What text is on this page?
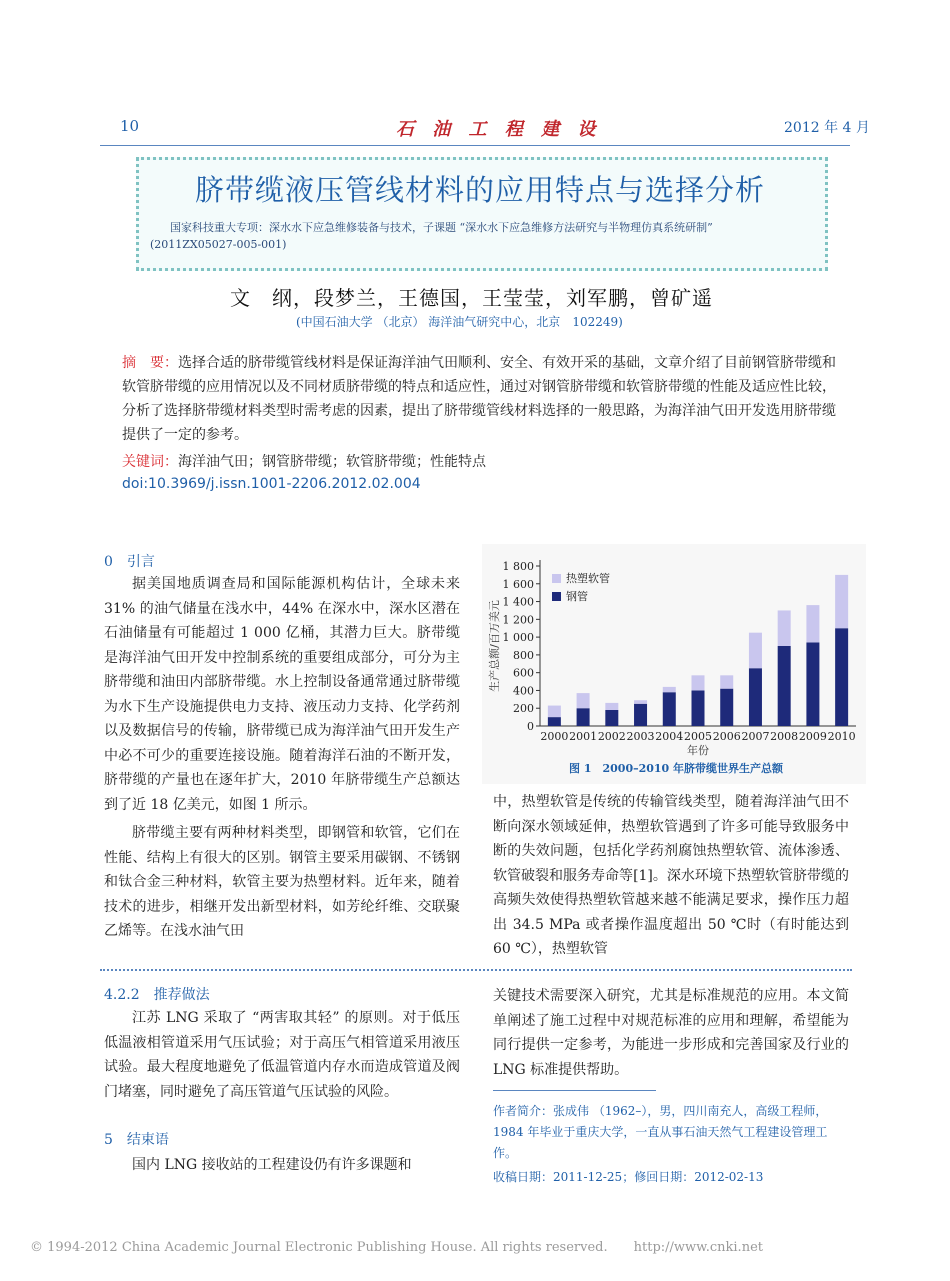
10	石 油 工 程 建 设	2012 年 4 月
脐带缆液压管线材料的应用特点与选择分析
国家科技重大专项：深水水下应急维修装备与技术，子课题 “深水水下应急维修方法研究与半物理仿真系统研制”
(2011ZX05027-005-001)
文　纲，段梦兰，王德国，王莹莹，刘军鹏，曾矿遥
(中国石油大学 （北京） 海洋油气研究中心，北京　102249)
摘　要：选择合适的脐带缆管线材料是保证海洋油气田顺利、安全、有效开采的基础，文章介绍了目前钢管脐带缆和软管脐带缆的应用情况以及不同材质脐带缆的特点和适应性，通过对钢管脐带缆和软管脐带缆的性能及适应性比较，分析了选择脐带缆材料类型时需考虑的因素，提出了脐带缆管线材料选择的一般思路，为海洋油气田开发选用脐带缆提供了一定的参考。
关键词：海洋油气田；钢管脐带缆；软管脐带缆；性能特点
doi:10.3969/j.issn.1001-2206.2012.02.004
0　引言
据美国地质调查局和国际能源机构估计，全球未来 31% 的油气储量在浅水中，44% 在深水中，深水区潜在石油储量有可能超过 1 000 亿桶，其潜力巨大。脐带缆是海洋油气田开发中控制系统的重要组成部分，可分为主脐带缆和油田内部脐带缆。水上控制设备通常通过脐带缆为水下生产设施提供电力支持、液压动力支持、化学药剂以及数据信号的传输，脐带缆已成为海洋油气田开发生产中必不可少的重要连接设施。随着海洋石油的不断开发，脐带缆的产量也在逐年扩大，2010 年脐带缆生产总额达到了近 18 亿美元，如图 1 所示。
脐带缆主要有两种材料类型，即钢管和软管，它们在性能、结构上有很大的区别。钢管主要采用碳钢、不锈钢和钛合金三种材料，软管主要为热塑材料。近年来，随着技术的进步，相继开发出新型材料，如芳纶纤维、交联聚乙烯等。在浅水油气田
0
200
400
600
800
1 000
1 200
1 400
1 600
1 800
生产总额/百万美元
2000 2001 2002 2003 2004 2005 2006 2007 2008 2009 2010
年份
热塑软管
钢管
图 1　2000–2010 年脐带缆世界生产总额
中，热塑软管是传统的传输管线类型，随着海洋油气田不断向深水领域延伸，热塑软管遇到了许多可能导致服务中断的失效问题，包括化学药剂腐蚀热塑软管、流体渗透、软管破裂和服务寿命等[1]。深水环境下热塑软管脐带缆的高频失效使得热塑软管越来越不能满足要求，操作压力超出 34.5 MPa 或者操作温度超出 50 ℃时（有时能达到 60 ℃），热塑软管
4.2.2　推荐做法
江苏 LNG 采取了 “两害取其轻” 的原则。对于低压低温液相管道采用气压试验；对于高压气相管道采用液压试验。最大程度地避免了低温管道内存水而造成管道及阀门堵塞，同时避免了高压管道气压试验的风险。
5　结束语
国内 LNG 接收站的工程建设仍有许多课题和
关键技术需要深入研究，尤其是标准规范的应用。本文简单阐述了施工过程中对规范标准的应用和理解，希望能为同行提供一定参考，为能进一步形成和完善国家及行业的 LNG 标准提供帮助。
作者简介：张成伟 （1962–），男，四川南充人，高级工程师，1984 年毕业于重庆大学，一直从事石油天然气工程建设管理工作。
收稿日期：2011-12-25；修回日期：2012-02-13
© 1994-2012 China Academic Journal Electronic Publishing House. All rights reserved.　　http://www.cnki.net
